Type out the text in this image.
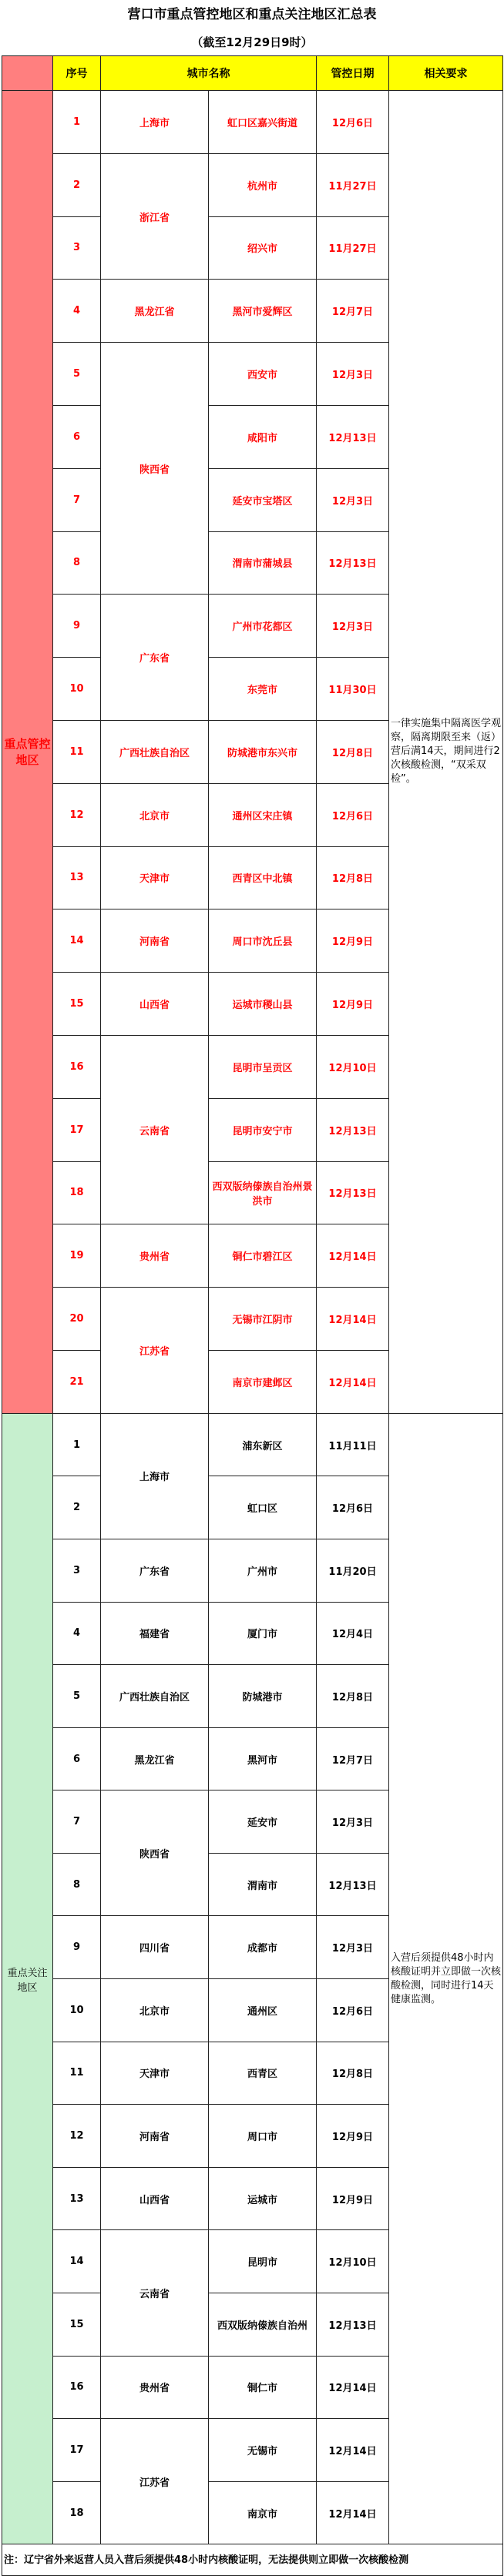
营口市重点管控地区和重点关注地区汇总表
（截至12月29日9时）
	序号	城市名称		管控日期	相关要求
重点管控地区	1	上海市	虹口区嘉兴街道	12月6日	一律实施集中隔离医学观察，隔离期限至来（返）营后满14天，期间进行2次核酸检测，“双采双检”。
	2	浙江省	杭州市	11月27日	
	3		绍兴市	11月27日	
	4	黑龙江省	黑河市爱辉区	12月7日	
	5	陕西省	西安市	12月3日	
	6		咸阳市	12月13日	
	7		延安市宝塔区	12月3日	
	8		渭南市蒲城县	12月13日	
	9	广东省	广州市花都区	12月3日	
	10		东莞市	11月30日	
	11	广西壮族自治区	防城港市东兴市	12月8日	
	12	北京市	通州区宋庄镇	12月6日	
	13	天津市	西青区中北镇	12月8日	
	14	河南省	周口市沈丘县	12月9日	
	15	山西省	运城市稷山县	12月9日	
	16	云南省	昆明市呈贡区	12月10日	
	17		昆明市安宁市	12月13日	
	18		西双版纳傣族自治州景洪市	12月13日	
	19	贵州省	铜仁市碧江区	12月14日	
	20	江苏省	无锡市江阴市	12月14日	
	21		南京市建邺区	12月14日	
重点关注地区	1	上海市	浦东新区	11月11日	入营后须提供48小时内核酸证明并立即做一次核酸检测，同时进行14天健康监测。
	2		虹口区	12月6日	
	3	广东省	广州市	11月20日	
	4	福建省	厦门市	12月4日	
	5	广西壮族自治区	防城港市	12月8日	
	6	黑龙江省	黑河市	12月7日	
	7	陕西省	延安市	12月3日	
	8		渭南市	12月13日	
	9	四川省	成都市	12月3日	
	10	北京市	通州区	12月6日	
	11	天津市	西青区	12月8日	
	12	河南省	周口市	12月9日	
	13	山西省	运城市	12月9日	
	14	云南省	昆明市	12月10日	
	15		西双版纳傣族自治州	12月13日	
	16	贵州省	铜仁市	12月14日	
	17	江苏省	无锡市	12月14日	
	18		南京市	12月14日	
注：辽宁省外来返营人员入营后须提供48小时内核酸证明，无法提供则立即做一次核酸检测					
